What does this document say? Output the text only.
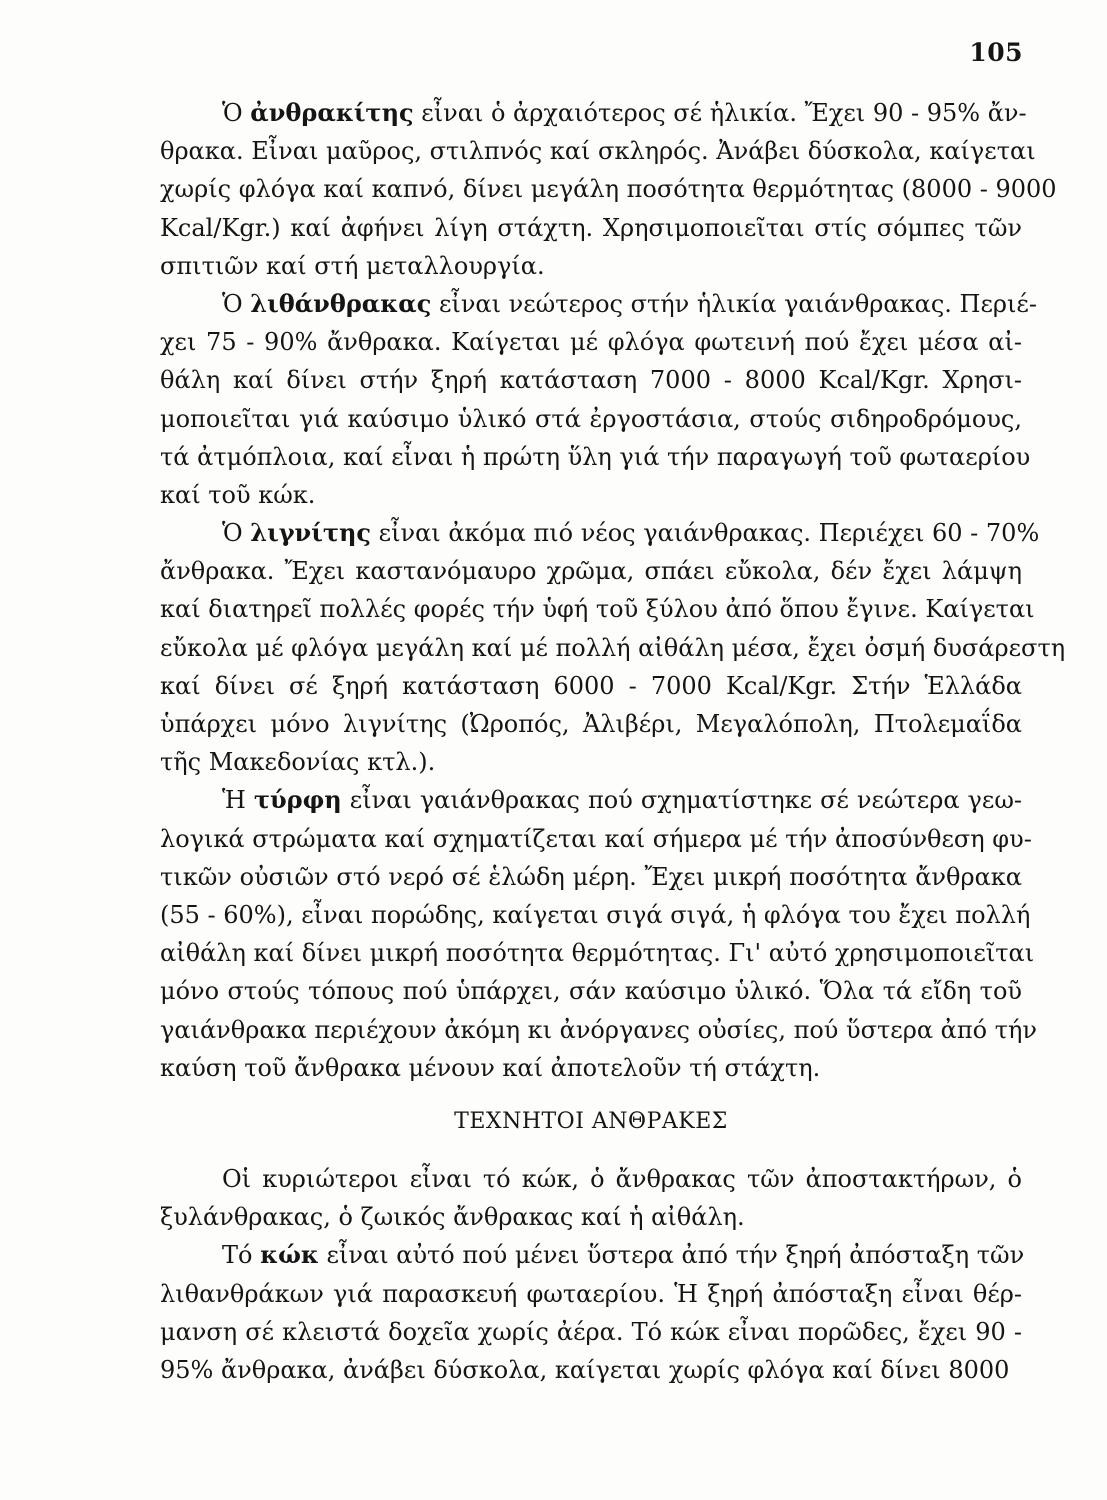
105
Ὁ ἀνθρακίτης εἶναι ὁ ἀρχαιότερος σέ ἡλικία. Ἔχει 90 - 95% ἄν-
θρακα. Εἶναι μαῦρος, στιλπνός καί σκληρός. Ἀνάβει δύσκολα, καίγεται
χωρίς φλόγα καί καπνό, δίνει μεγάλη ποσότητα θερμότητας (8000 - 9000
Kcal/Kgr.) καί ἀφήνει λίγη στάχτη. Χρησιμοποιεῖται στίς σόμπες τῶν
σπιτιῶν καί στή μεταλλουργία.
Ὁ λιθάνθρακας εἶναι νεώτερος στήν ἡλικία γαιάνθρακας. Περιέ-
χει 75 - 90% ἄνθρακα. Καίγεται μέ φλόγα φωτεινή πού ἔχει μέσα αἰ-
θάλη καί δίνει στήν ξηρή κατάσταση 7000 - 8000 Kcal/Kgr. Χρησι-
μοποιεῖται γιά καύσιμο ὑλικό στά ἐργοστάσια, στούς σιδηροδρόμους,
τά ἀτμόπλοια, καί εἶναι ἡ πρώτη ὕλη γιά τήν παραγωγή τοῦ φωταερίου
καί τοῦ κώκ.
Ὁ λιγνίτης εἶναι ἀκόμα πιό νέος γαιάνθρακας. Περιέχει 60 - 70%
ἄνθρακα. Ἔχει καστανόμαυρο χρῶμα, σπάει εὔκολα, δέν ἔχει λάμψη
καί διατηρεῖ πολλές φορές τήν ὑφή τοῦ ξύλου ἀπό ὅπου ἔγινε. Καίγεται
εὔκολα μέ φλόγα μεγάλη καί μέ πολλή αἰθάλη μέσα, ἔχει ὀσμή δυσάρεστη
καί δίνει σέ ξηρή κατάσταση 6000 - 7000 Kcal/Kgr. Στήν Ἑλλάδα
ὑπάρχει μόνο λιγνίτης (Ὠροπός, Ἀλιβέρι, Μεγαλόπολη, Πτολεμαΐδα
τῆς Μακεδονίας κτλ.).
Ἡ τύρφη εἶναι γαιάνθρακας πού σχηματίστηκε σέ νεώτερα γεω-
λογικά στρώματα καί σχηματίζεται καί σήμερα μέ τήν ἀποσύνθεση φυ-
τικῶν οὐσιῶν στό νερό σέ ἑλώδη μέρη. Ἔχει μικρή ποσότητα ἄνθρακα
(55 - 60%), εἶναι πορώδης, καίγεται σιγά σιγά, ἡ φλόγα του ἔχει πολλή
αἰθάλη καί δίνει μικρή ποσότητα θερμότητας. Γι' αὐτό χρησιμοποιεῖται
μόνο στούς τόπους πού ὑπάρχει, σάν καύσιμο ὑλικό. Ὅλα τά εἴδη τοῦ
γαιάνθρακα περιέχουν ἀκόμη κι ἀνόργανες οὐσίες, πού ὕστερα ἀπό τήν
καύση τοῦ ἄνθρακα μένουν καί ἀποτελοῦν τή στάχτη.
ΤΕΧΝΗΤΟΙ ΑΝΘΡΑΚΕΣ
Οἱ κυριώτεροι εἶναι τό κώκ, ὁ ἄνθρακας τῶν ἀποστακτήρων, ὁ
ξυλάνθρακας, ὁ ζωικός ἄνθρακας καί ἡ αἰθάλη.
Τό κώκ εἶναι αὐτό πού μένει ὕστερα ἀπό τήν ξηρή ἀπόσταξη τῶν
λιθανθράκων γιά παρασκευή φωταερίου. Ἡ ξηρή ἀπόσταξη εἶναι θέρ-
μανση σέ κλειστά δοχεῖα χωρίς ἀέρα. Τό κώκ εἶναι πορῶδες, ἔχει 90 -
95% ἄνθρακα, ἀνάβει δύσκολα, καίγεται χωρίς φλόγα καί δίνει 8000
